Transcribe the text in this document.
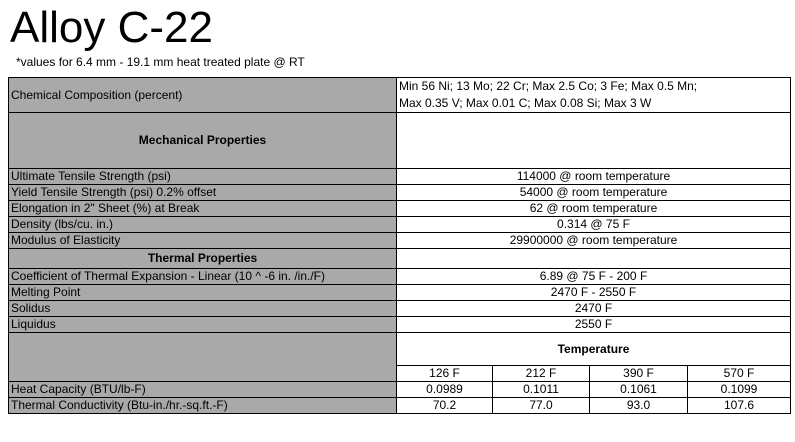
Alloy C-22
*values for 6.4 mm - 19.1 mm heat treated plate @ RT
Chemical Composition (percent)	Min 56 Ni; 13 Mo; 22 Cr; Max 2.5 Co; 3 Fe; Max 0.5 Mn;
Max 0.35 V; Max 0.01 C; Max 0.08 Si; Max 3 W			

Mechanical Properties				
Ultimate Tensile Strength (psi)	114000 @ room temperature			
Yield Tensile Strength (psi) 0.2% offset	54000 @ room temperature			
Elongation in 2" Sheet (%) at Break	62 @ room temperature			
Density (lbs/cu. in.)	0.314 @ 75 F			
Modulus of Elasticity	29900000 @ room temperature			
Thermal Properties				
Coefficient of Thermal Expansion - Linear (10 ^ -6 in. /in./F)	6.89 @ 75 F - 200 F			
Melting Point	2470 F - 2550 F			
Solidus	2470 F			
Liquidus	2550 F			
	Temperature			
	126 F	212 F	390 F	570 F
Heat Capacity (BTU/lb-F)	0.0989	0.1011	0.1061	0.1099
Thermal Conductivity (Btu-in./hr.-sq.ft.-F)	70.2	77.0	93.0	107.6
